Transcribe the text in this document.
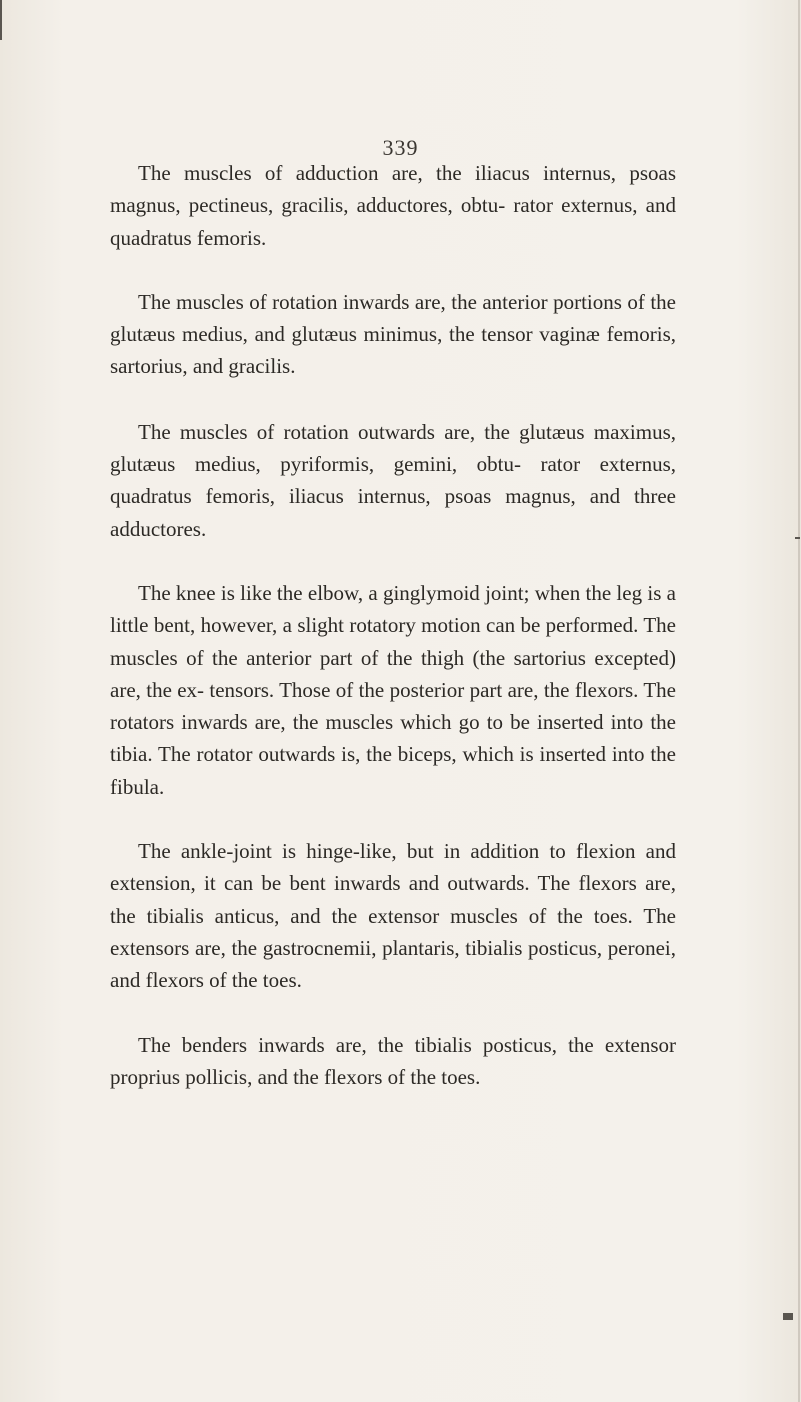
339

The muscles of adduction are, the iliacus internus, psoas magnus, pectineus, gracilis, adductores, obtu- rator externus, and quadratus femoris.

The muscles of rotation inwards are, the anterior portions of the glutæus medius, and glutæus minimus, the tensor vaginæ femoris, sartorius, and gracilis.

The muscles of rotation outwards are, the glutæus maximus, glutæus medius, pyriformis, gemini, obtu- rator externus, quadratus femoris, iliacus internus, psoas magnus, and three adductores.

The knee is like the elbow, a ginglymoid joint; when the leg is a little bent, however, a slight rotatory motion can be performed. The muscles of the anterior part of the thigh (the sartorius excepted) are, the ex- tensors. Those of the posterior part are, the flexors. The rotators inwards are, the muscles which go to be inserted into the tibia. The rotator outwards is, the biceps, which is inserted into the fibula.

The ankle-joint is hinge-like, but in addition to flexion and extension, it can be bent inwards and outwards. The flexors are, the tibialis anticus, and the extensor muscles of the toes. The extensors are, the gastrocnemii, plantaris, tibialis posticus, peronei, and flexors of the toes.

The benders inwards are, the tibialis posticus, the extensor proprius pollicis, and the flexors of the toes.
